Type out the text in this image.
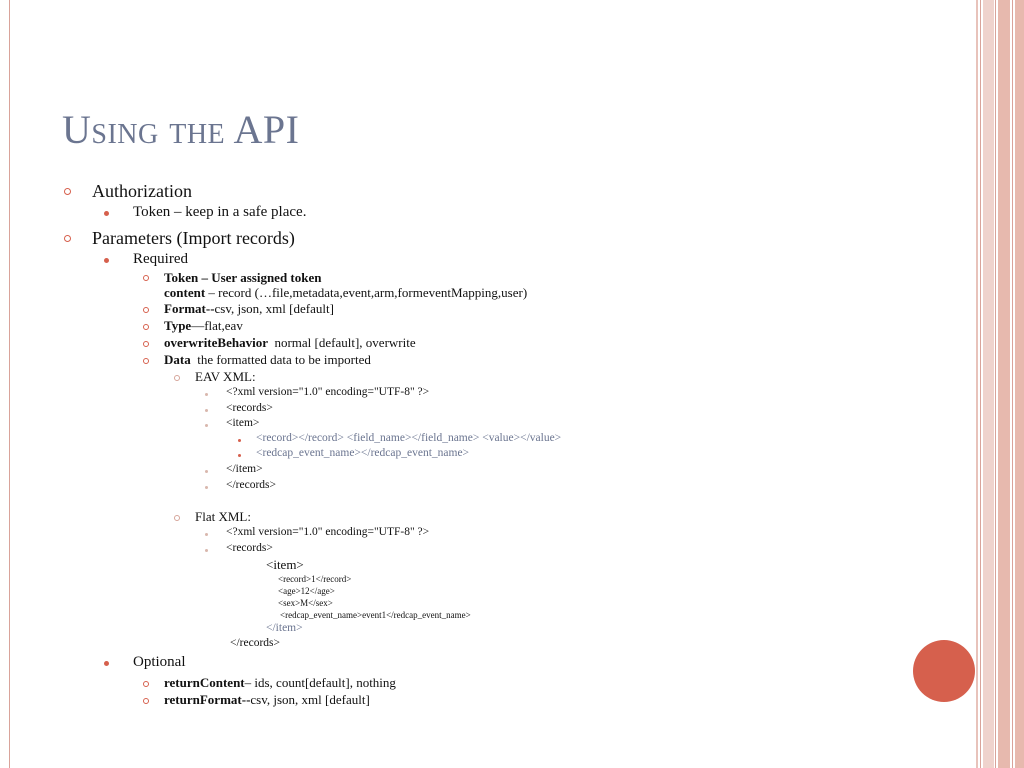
Using the API
Authorization
Token – keep in a safe place.
Parameters (Import records)
Required
Token – User assigned token
content – record (…file,metadata,event,arm,formeventMapping,user)
Format--csv, json, xml [default]
Type—flat,eav
overwriteBehavior normal [default], overwrite
Data the formatted data to be imported
EAV XML:
<?xml version="1.0" encoding="UTF-8" ?>
<records>
<item>
<record></record> <field_name></field_name> <value></value>
<redcap_event_name></redcap_event_name>
</item>
</records>
Flat XML:
<?xml version="1.0" encoding="UTF-8" ?>
<records>
<item>
<record>1</record>
<age>12</age>
<sex>M</sex>
<redcap_event_name>event1</redcap_event_name>
</item>
</records>
Optional
returnContent– ids, count[default], nothing
returnFormat--csv, json, xml [default]
